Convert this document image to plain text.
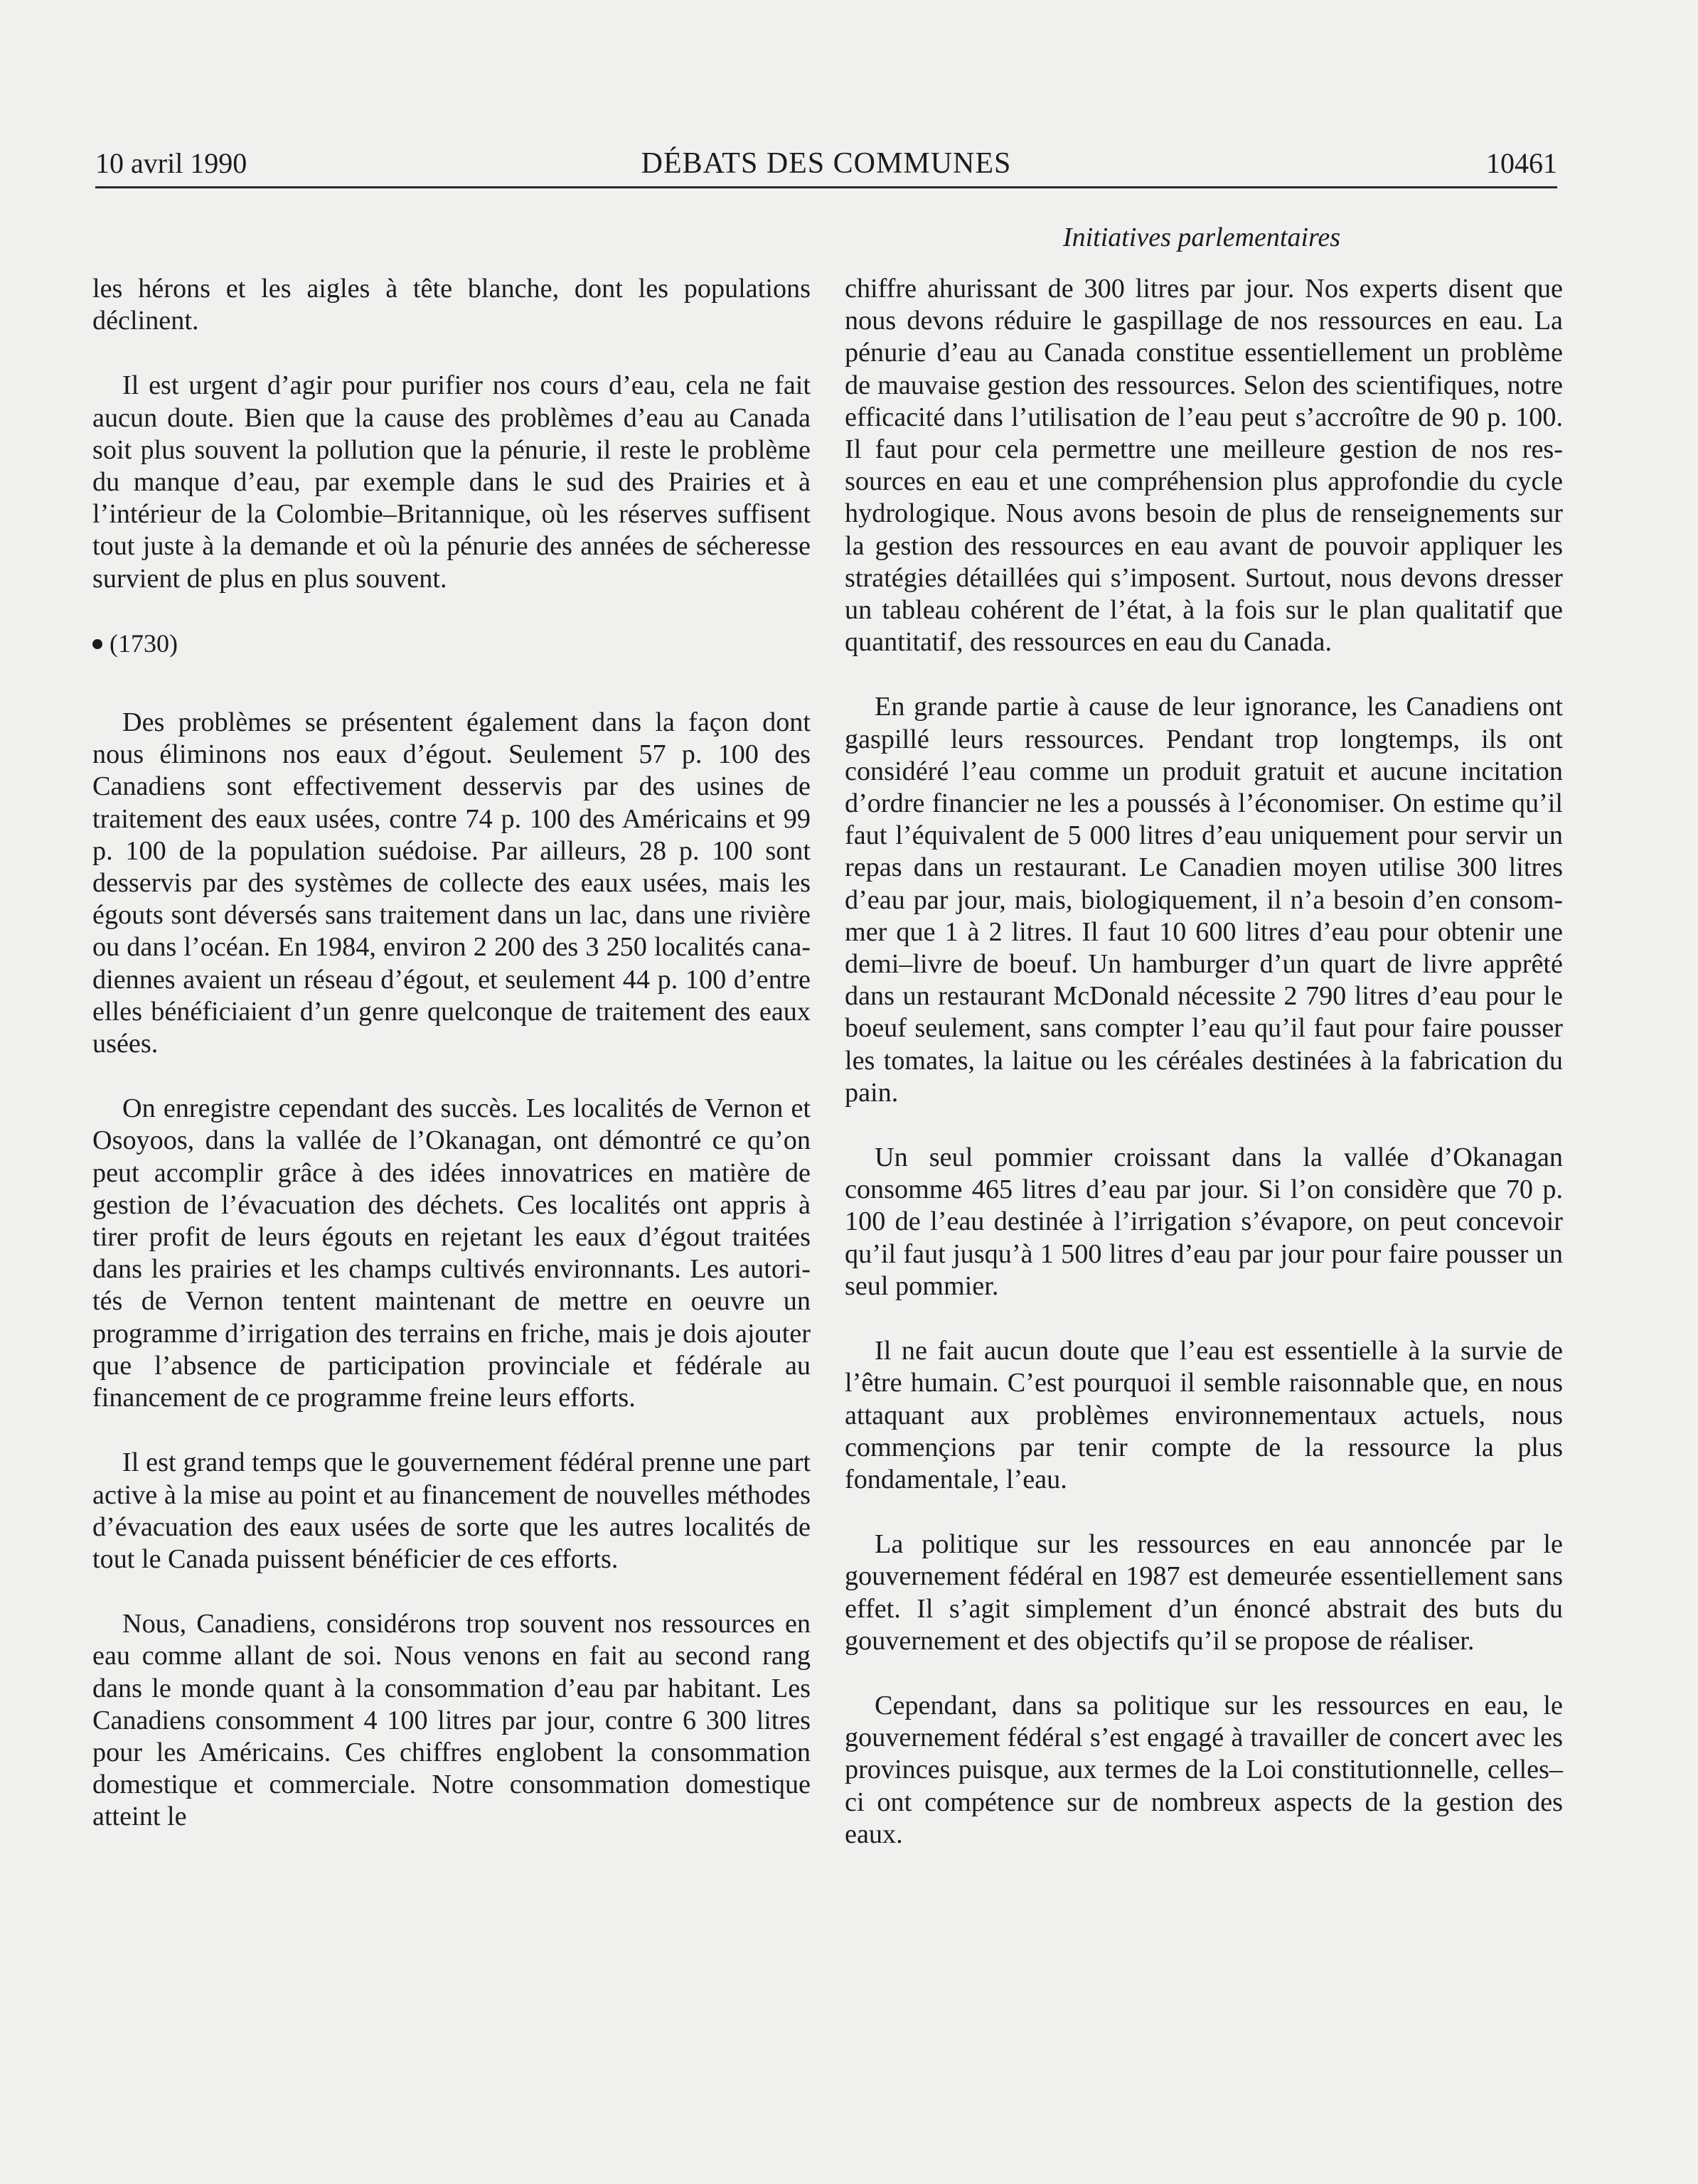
10 avril 1990	DÉBATS DES COMMUNES	10461
Initiatives parlementaires

les hérons et les aigles à tête blanche, dont les populations déclinent.

Il est urgent d’agir pour purifier nos cours d’eau, cela ne fait aucun doute. Bien que la cause des problèmes d’eau au Canada soit plus souvent la pollution que la pénurie, il reste le problème du manque d’eau, par exemple dans le sud des Prairies et à l’intérieur de la Colombie–Britannique, où les réserves suffisent tout juste à la demande et où la pénurie des années de sécheresse survient de plus en plus souvent.

(1730)

Des problèmes se présentent également dans la façon dont nous éliminons nos eaux d’égout. Seulement 57 p. 100 des Canadiens sont effectivement desservis par des usines de traitement des eaux usées, contre 74 p. 100 des Américains et 99 p. 100 de la population suédoise. Par ailleurs, 28 p. 100 sont desservis par des systèmes de collecte des eaux usées, mais les égouts sont déversés sans traitement dans un lac, dans une rivière ou dans l’océan. En 1984, environ 2 200 des 3 250 localités canadiennes avaient un réseau d’égout, et seulement 44 p. 100 d’entre elles bénéficiaient d’un genre quelconque de traitement des eaux usées.

On enregistre cependant des succès. Les localités de Vernon et Osoyoos, dans la vallée de l’Okanagan, ont démontré ce qu’on peut accomplir grâce à des idées innovatrices en matière de gestion de l’évacuation des déchets. Ces localités ont appris à tirer profit de leurs égouts en rejetant les eaux d’égout traitées dans les prairies et les champs cultivés environnants. Les autorités de Vernon tentent maintenant de mettre en oeuvre un programme d’irrigation des terrains en friche, mais je dois ajouter que l’absence de participation provinciale et fédérale au financement de ce programme freine leurs efforts.

Il est grand temps que le gouvernement fédéral prenne une part active à la mise au point et au financement de nouvelles méthodes d’évacuation des eaux usées de sorte que les autres localités de tout le Canada puissent bénéficier de ces efforts.

Nous, Canadiens, considérons trop souvent nos ressources en eau comme allant de soi. Nous venons en fait au second rang dans le monde quant à la consommation d’eau par habitant. Les Canadiens consomment 4 100 litres par jour, contre 6 300 litres pour les Américains. Ces chiffres englobent la consommation domestique et commerciale. Notre consommation domestique atteint le

chiffre ahurissant de 300 litres par jour. Nos experts disent que nous devons réduire le gaspillage de nos ressources en eau. La pénurie d’eau au Canada constitue essentiellement un problème de mauvaise gestion des ressources. Selon des scientifiques, notre efficacité dans l’utilisation de l’eau peut s’accroître de 90 p. 100. Il faut pour cela permettre une meilleure gestion de nos ressources en eau et une compréhension plus approfondie du cycle hydrologique. Nous avons besoin de plus de renseignements sur la gestion des ressources en eau avant de pouvoir appliquer les stratégies détaillées qui s’imposent. Surtout, nous devons dresser un tableau cohérent de l’état, à la fois sur le plan qualitatif que quantitatif, des ressources en eau du Canada.

En grande partie à cause de leur ignorance, les Canadiens ont gaspillé leurs ressources. Pendant trop longtemps, ils ont considéré l’eau comme un produit gratuit et aucune incitation d’ordre financier ne les a poussés à l’économiser. On estime qu’il faut l’équivalent de 5 000 litres d’eau uniquement pour servir un repas dans un restaurant. Le Canadien moyen utilise 300 litres d’eau par jour, mais, biologiquement, il n’a besoin d’en consommer que 1 à 2 litres. Il faut 10 600 litres d’eau pour obtenir une demi–livre de boeuf. Un hamburger d’un quart de livre apprêté dans un restaurant McDonald nécessite 2 790 litres d’eau pour le boeuf seulement, sans compter l’eau qu’il faut pour faire pousser les tomates, la laitue ou les céréales destinées à la fabrication du pain.

Un seul pommier croissant dans la vallée d’Okanagan consomme 465 litres d’eau par jour. Si l’on considère que 70 p. 100 de l’eau destinée à l’irrigation s’évapore, on peut concevoir qu’il faut jusqu’à 1 500 litres d’eau par jour pour faire pousser un seul pommier.

Il ne fait aucun doute que l’eau est essentielle à la survie de l’être humain. C’est pourquoi il semble raisonnable que, en nous attaquant aux problèmes environnementaux actuels, nous commençions par tenir compte de la ressource la plus fondamentale, l’eau.

La politique sur les ressources en eau annoncée par le gouvernement fédéral en 1987 est demeurée essentiellement sans effet. Il s’agit simplement d’un énoncé abstrait des buts du gouvernement et des objectifs qu’il se propose de réaliser.

Cependant, dans sa politique sur les ressources en eau, le gouvernement fédéral s’est engagé à travailler de concert avec les provinces puisque, aux termes de la Loi constitutionnelle, celles–ci ont compétence sur de nombreux aspects de la gestion des eaux.
